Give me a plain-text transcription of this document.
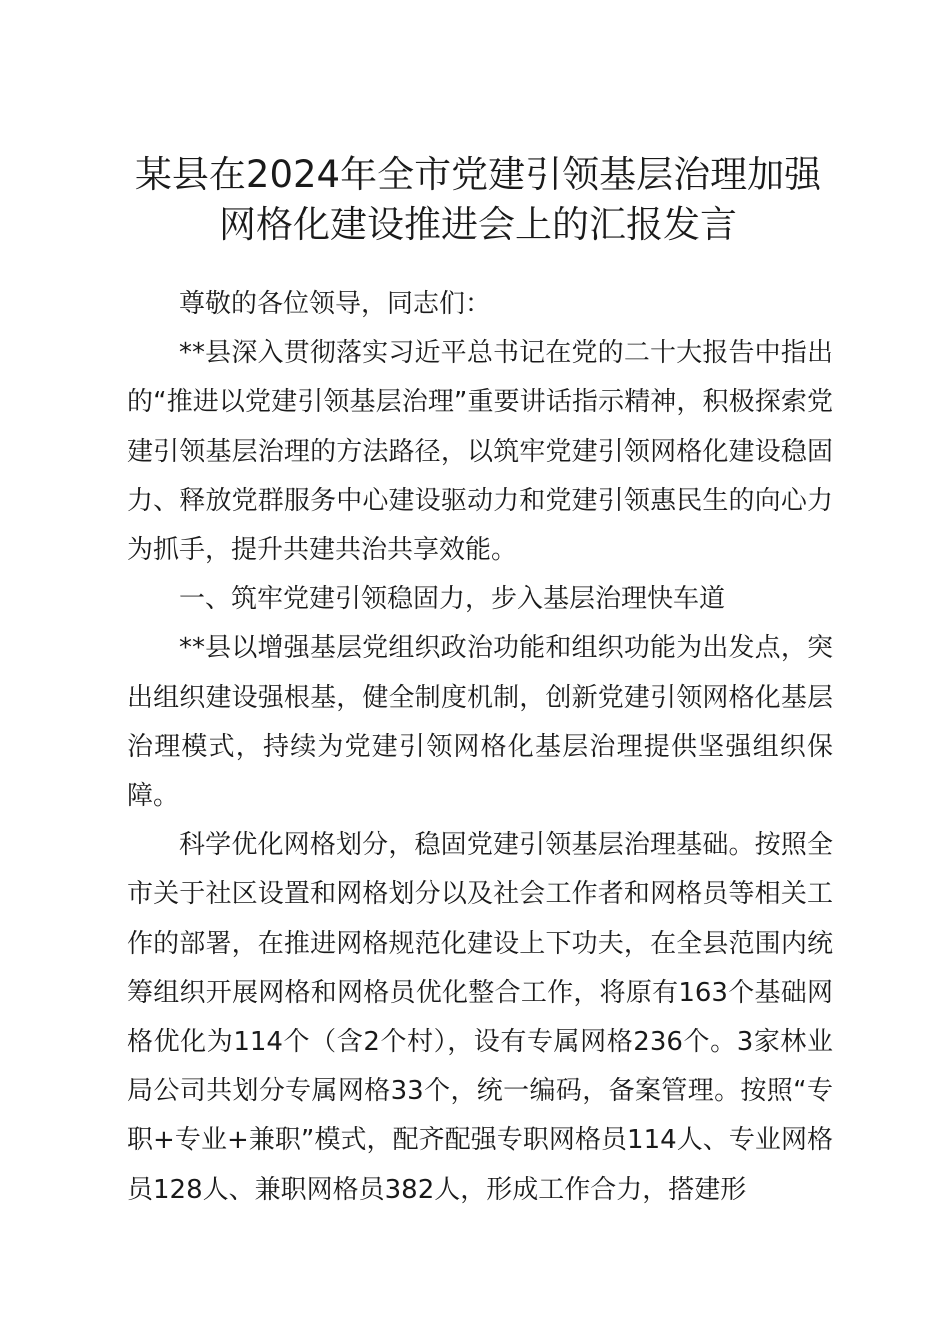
某县在2024年全市党建引领基层治理加强网格化建设推进会上的汇报发言

尊敬的各位领导，同志们：

**县深入贯彻落实习近平总书记在党的二十大报告中指出的“推进以党建引领基层治理”重要讲话指示精神，积极探索党建引领基层治理的方法路径，以筑牢党建引领网格化建设稳固力、释放党群服务中心建设驱动力和党建引领惠民生的向心力为抓手，提升共建共治共享效能。

一、筑牢党建引领稳固力，步入基层治理快车道

**县以增强基层党组织政治功能和组织功能为出发点，突出组织建设强根基，健全制度机制，创新党建引领网格化基层治理模式，持续为党建引领网格化基层治理提供坚强组织保障。

科学优化网格划分，稳固党建引领基层治理基础。按照全市关于社区设置和网格划分以及社会工作者和网格员等相关工作的部署，在推进网格规范化建设上下功夫，在全县范围内统筹组织开展网格和网格员优化整合工作，将原有163个基础网格优化为114个（含2个村），设有专属网格236个。3家林业局公司共划分专属网格33个，统一编码，备案管理。按照“专职+专业+兼职”模式，配齐配强专职网格员114人、专业网格员128人、兼职网格员382人，形成工作合力，搭建形
